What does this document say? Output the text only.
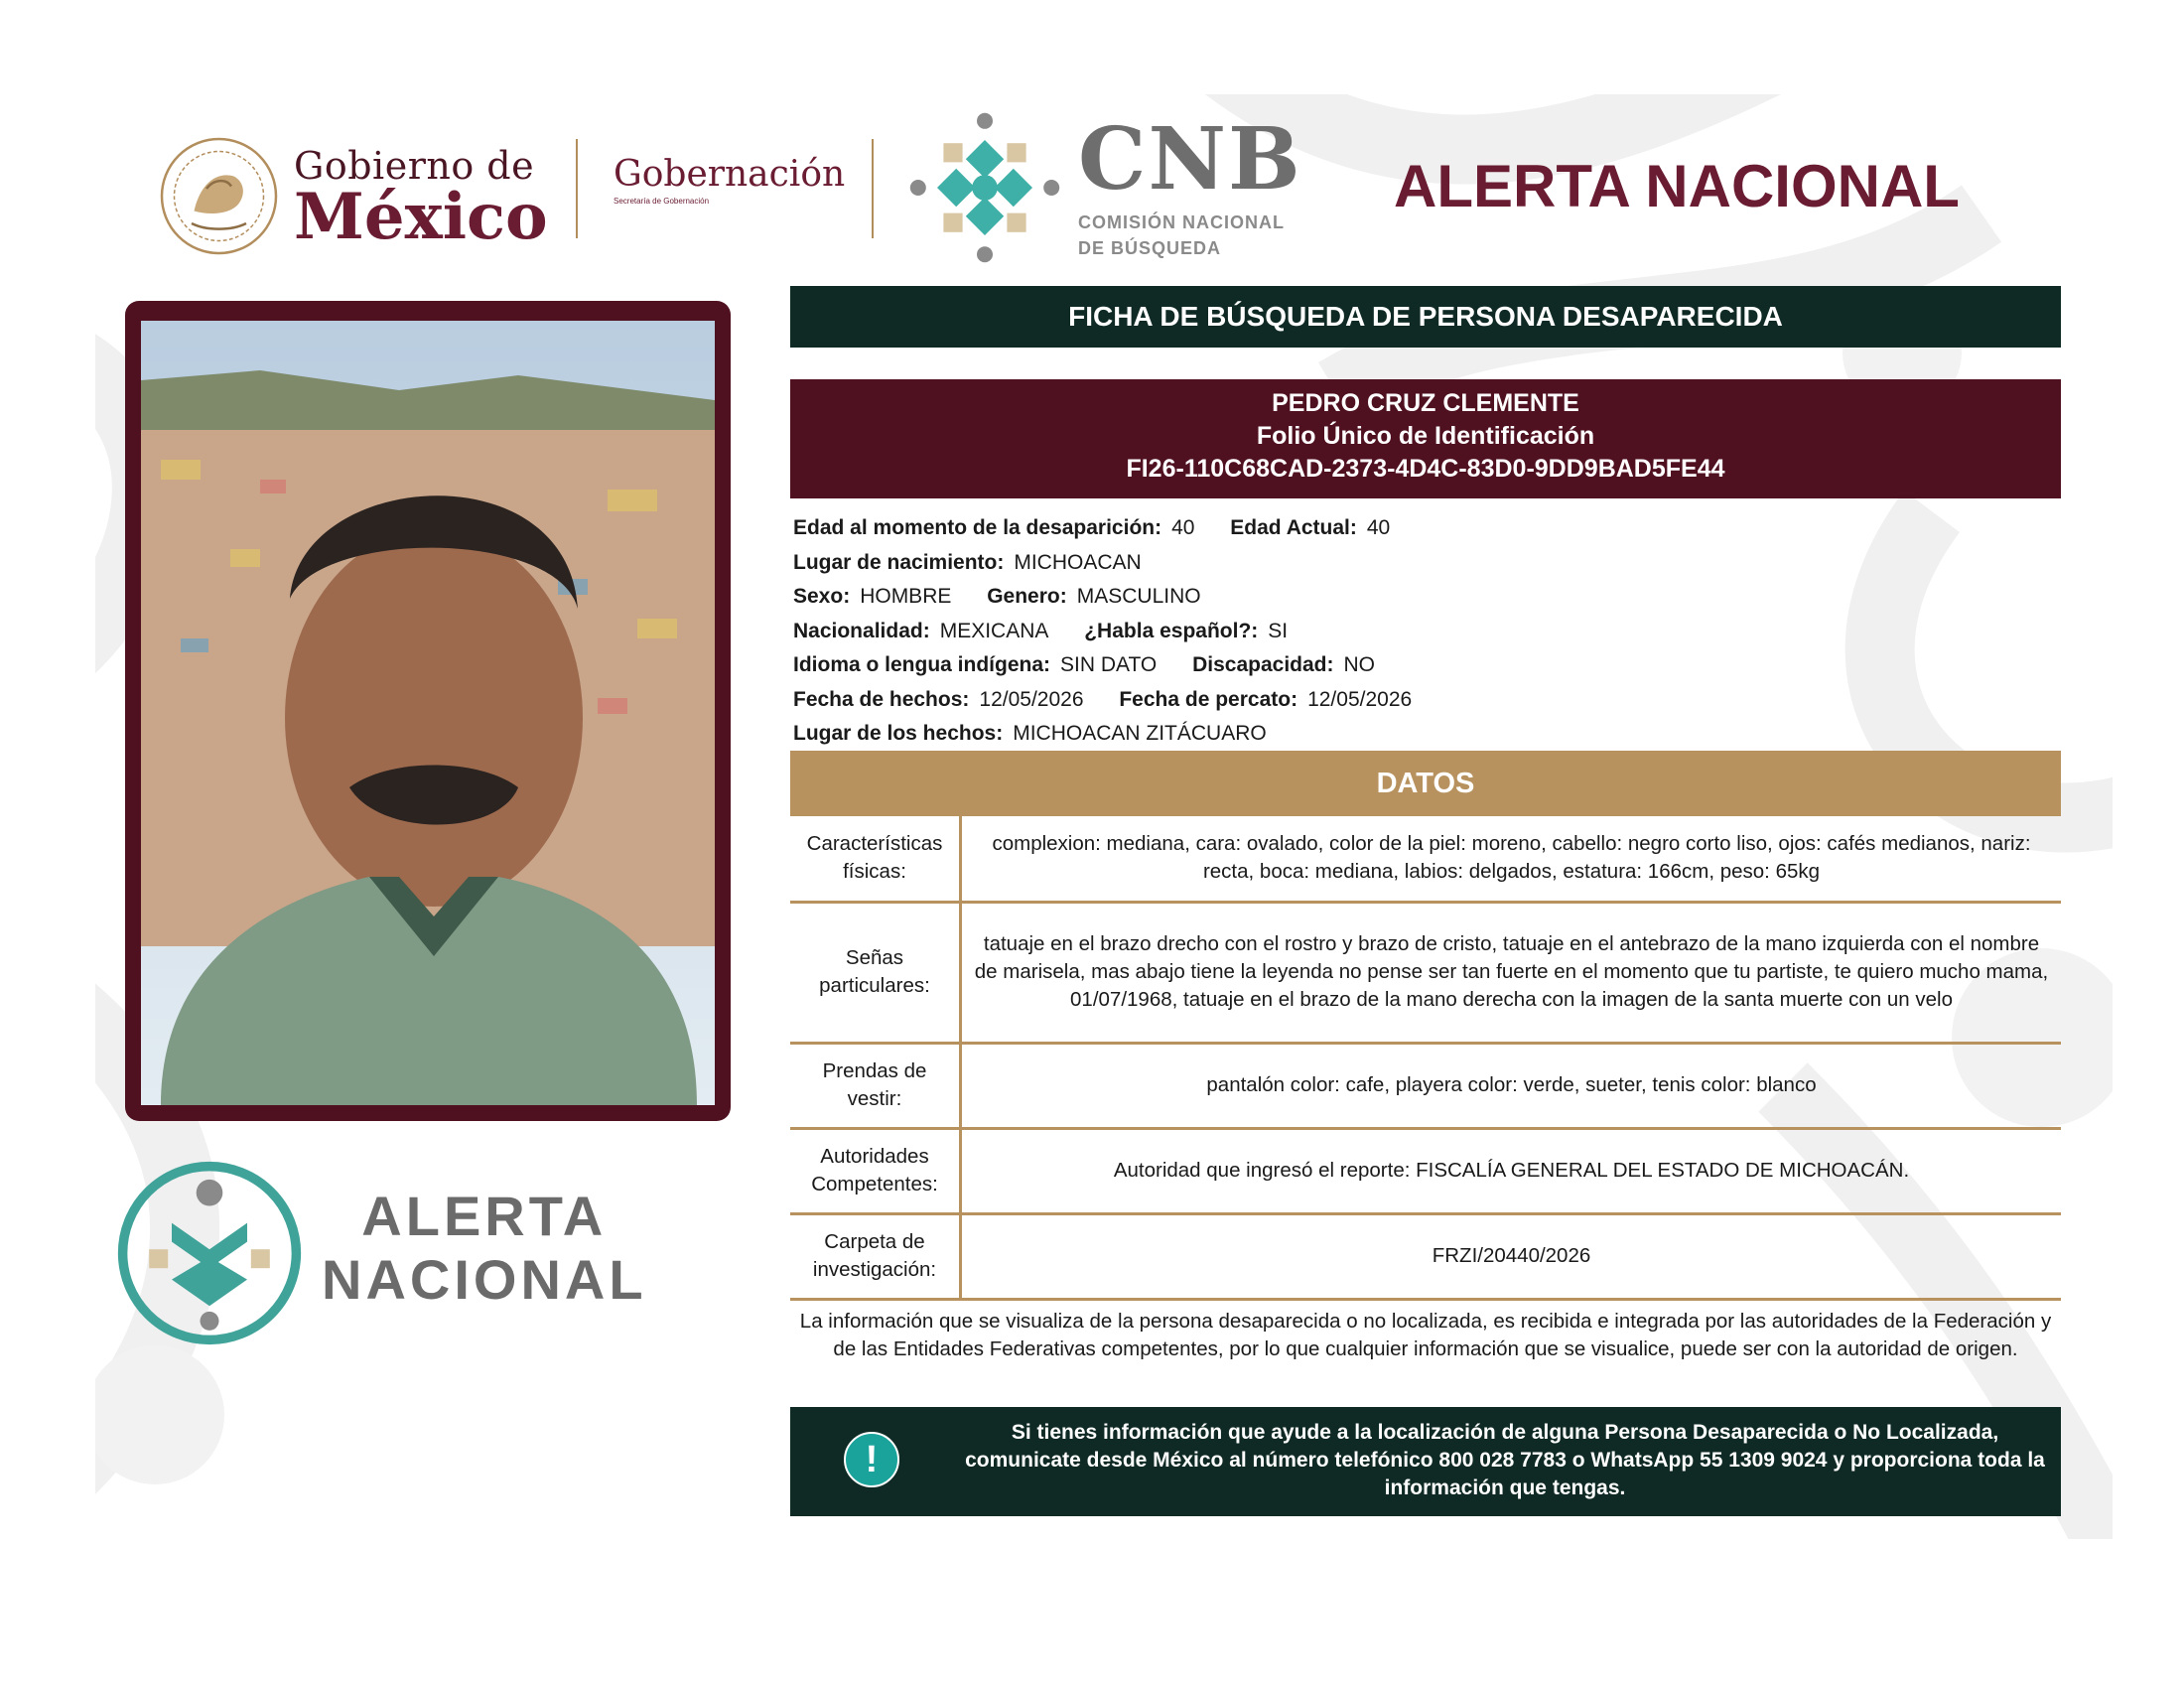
Gobierno de
México
Gobernación
Secretaría de Gobernación	CNB
COMISIÓN NACIONAL
DE BÚSQUEDA
ALERTA NACIONAL
ALERTA
NACIONAL
FICHA DE BÚSQUEDA DE PERSONA DESAPARECIDA
PEDRO CRUZ CLEMENTE
Folio Único de Identificación
FI26-110C68CAD-2373-4D4C-83D0-9DD9BAD5FE44
Edad al momento de la desaparición: 40 Edad Actual: 40
Lugar de nacimiento: MICHOACAN
Sexo: HOMBRE Genero: MASCULINO
Nacionalidad: MEXICANA ¿Habla español?: SI
Idioma o lengua indígena: SIN DATO Discapacidad: NO
Fecha de hechos: 12/05/2026 Fecha de percato: 12/05/2026
Lugar de los hechos: MICHOACAN ZITÁCUARO
DATOS
Características físicas:	complexion: mediana, cara: ovalado, color de la piel: moreno, cabello: negro corto liso, ojos: cafés medianos, nariz: recta, boca: mediana, labios: delgados, estatura: 166cm, peso: 65kg
Señas particulares:	tatuaje en el brazo drecho con el rostro y brazo de cristo, tatuaje en el antebrazo de la mano izquierda con el nombre de marisela, mas abajo tiene la leyenda no pense ser tan fuerte en el momento que tu partiste, te quiero mucho mama, 01/07/1968, tatuaje en el brazo de la mano derecha con la imagen de la santa muerte con un velo
Prendas de vestir:	pantalón color: cafe, playera color: verde, sueter, tenis color: blanco
Autoridades Competentes:	Autoridad que ingresó el reporte: FISCALÍA GENERAL DEL ESTADO DE MICHOACÁN.
Carpeta de investigación:	FRZI/20440/2026
La información que se visualiza de la persona desaparecida o no localizada, es recibida e integrada por las autoridades de la Federación y de las Entidades Federativas competentes, por lo que cualquier información que se visualice, puede ser con la autoridad de origen.
!
Si tienes información que ayude a la localización de alguna Persona Desaparecida o No Localizada, comunicate desde México al número telefónico 800 028 7783 o WhatsApp 55 1309 9024 y proporciona toda la información que tengas.
